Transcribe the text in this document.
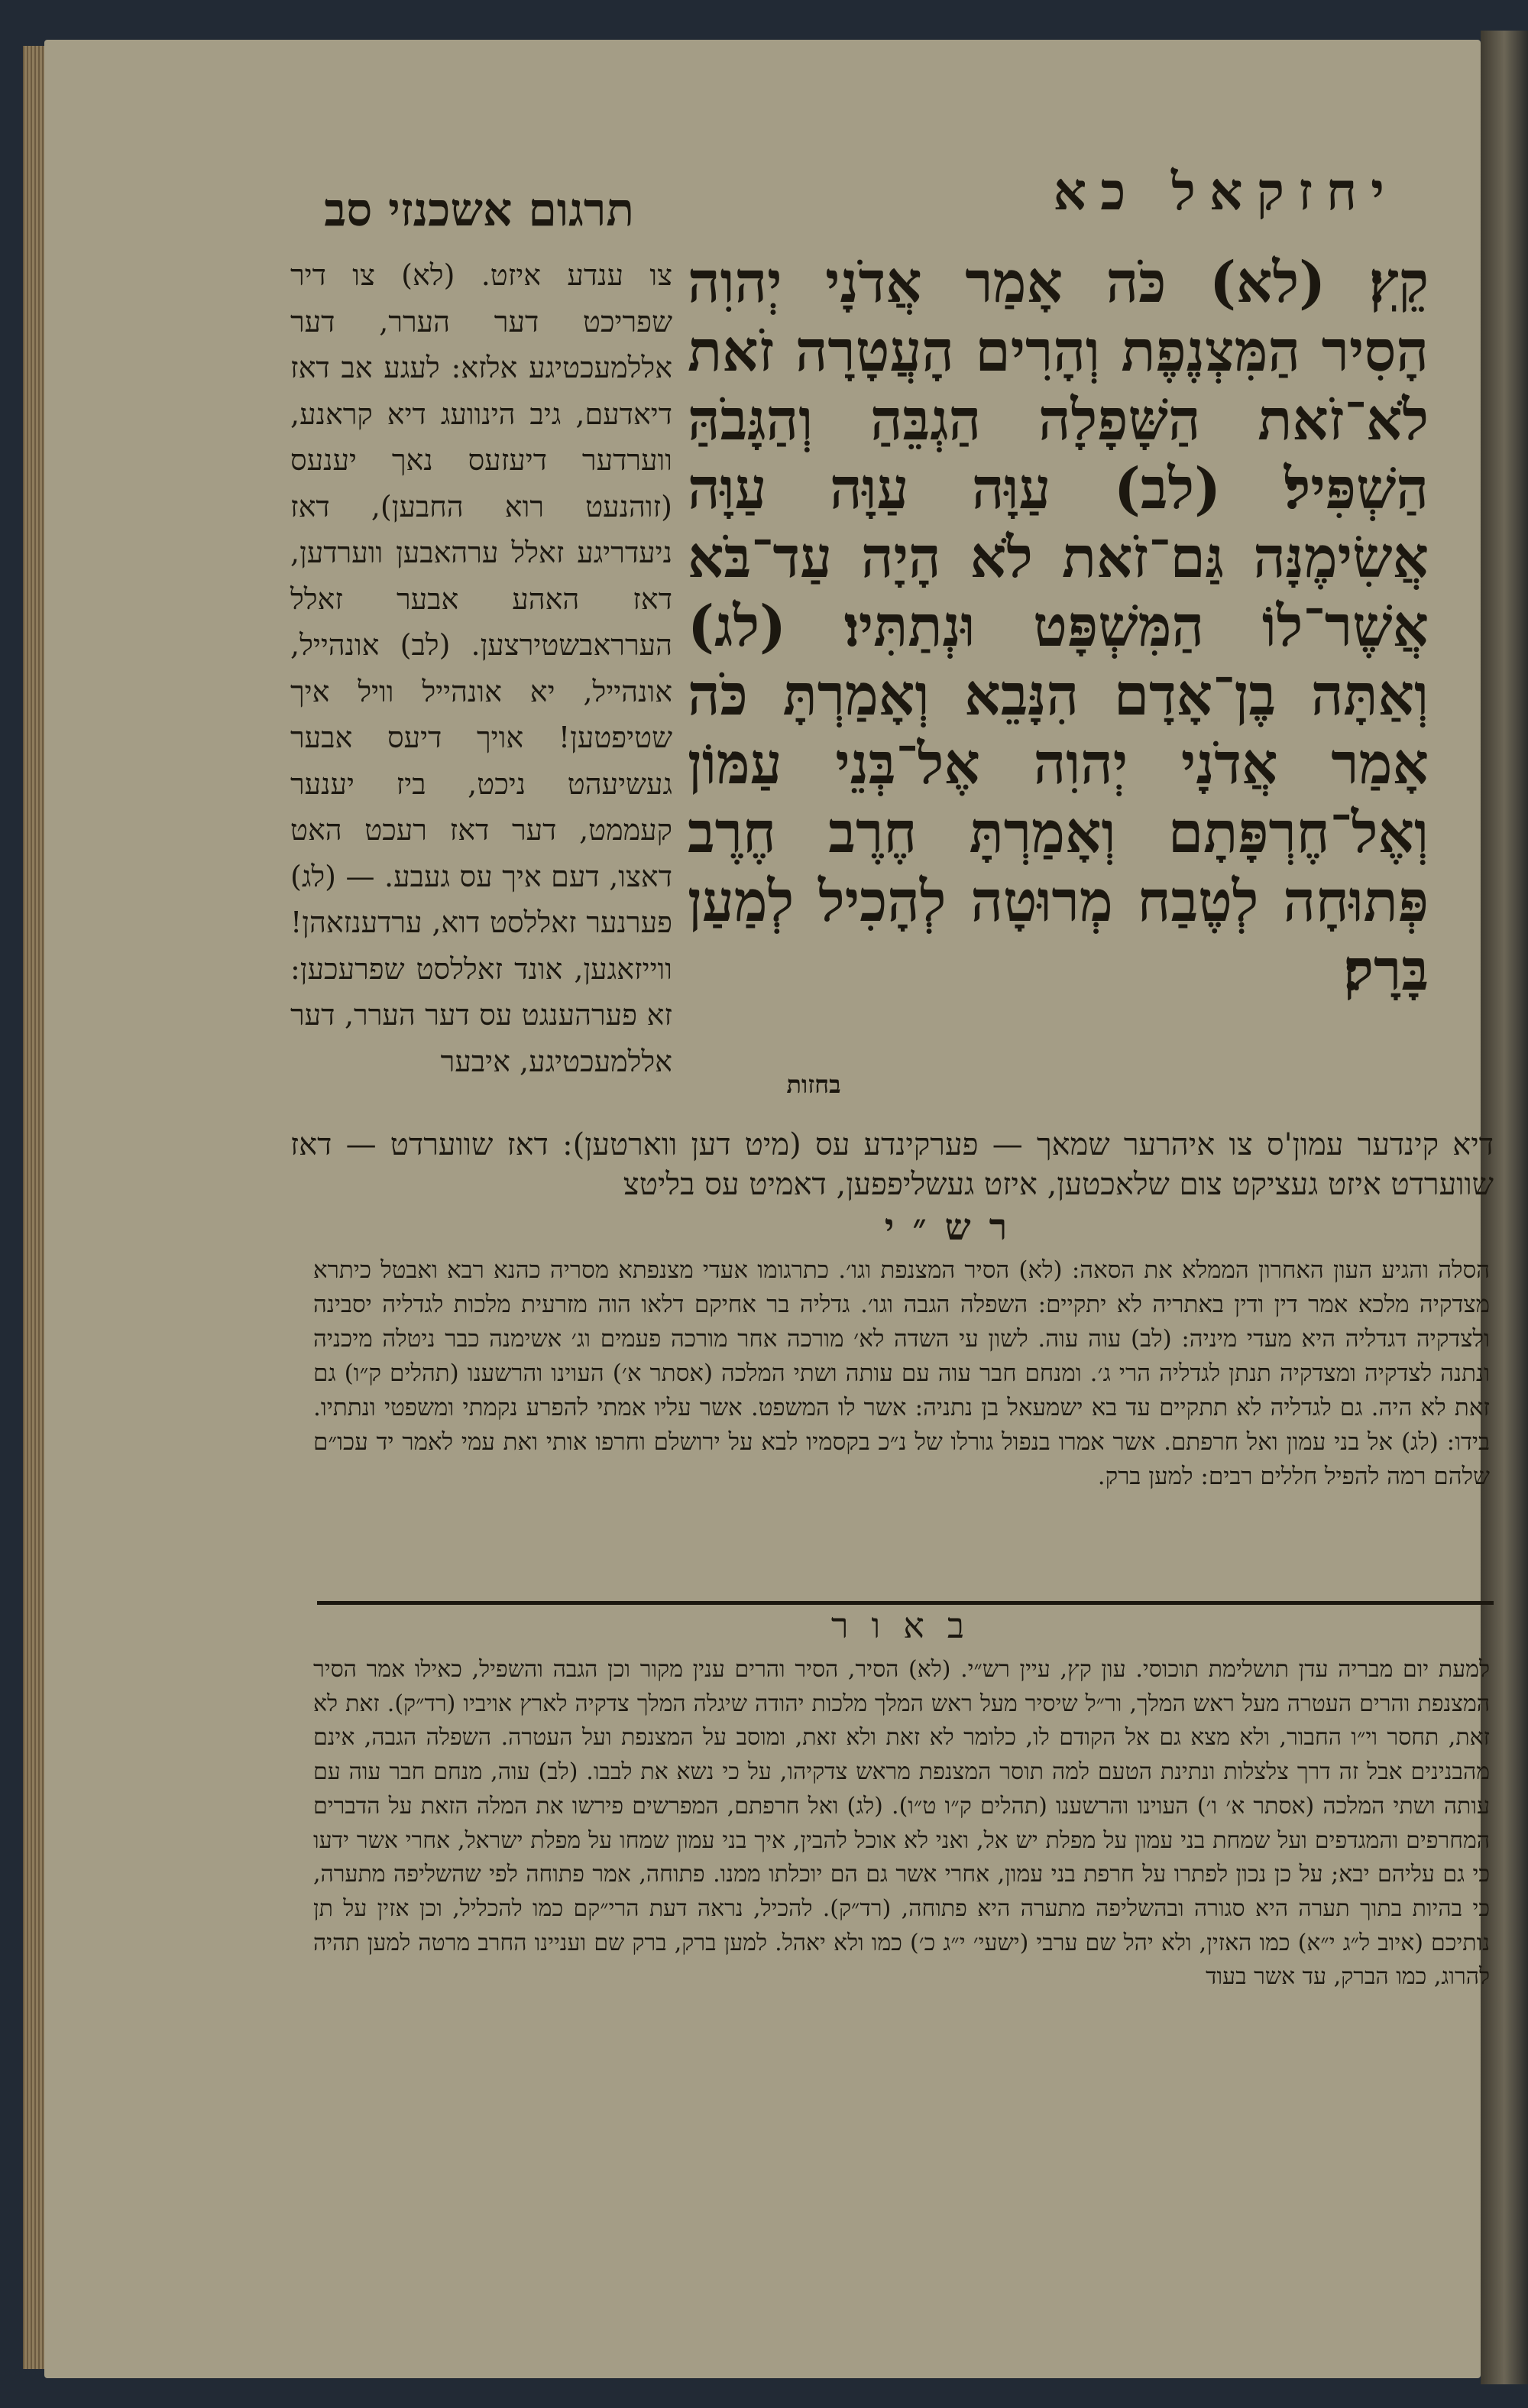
יחזקאל כא
תרגום אשכנזי סב
קֵֽץ׃ (לא) כֹּה אָמַר אֲדֹנָי יְהוִה הָסִיר הַמִּצְנֶפֶת וְהָרִים הָעֲטָרָה זֹאת לֹא־זֹאת הַשָּׁפָלָה הַגְבֵּהַ וְהַגָּבֹהַּ הַשְׁפִּיל׃ (לב) עַוָּה עַוָּה עַוָּה אֲשִׂימֶנָּה גַּם־זֹאת לֹא הָיָה עַד־בֹּא אֲשֶׁר־לוֹ הַמִּשְׁפָּט וּנְתַתִּיו׃ (לג) וְאַתָּה בֶן־אָדָם הִנָּבֵא וְאָמַרְתָּ כֹּה אָמַר אֲדֹנָי יְהוִה אֶל־בְּנֵי עַמּוֹן וְאֶל־חֶרְפָּתָם וְאָמַרְתָּ חֶרֶב חֶרֶב פְּתוּחָה לְטֶבַח מְרוּטָה לְהָכִיל לְמַעַן בָּרָק׃
בחזות
צו ענדע איזט. (לא) צו דיר שפריכט דער הערר, דער אללמעכטיגע אלזא: לעגע אב דאז דיאדעם, גיב הינוועג דיא קראנע, ווערדער דיעזעס נאך יענעס (זוהנעט רוא החבען), דאז ניעדריגע זאלל ערהאבען ווערדען, דאז האהע אבער זאלל הערראבשטירצען. (לב) אונהייל, אונהייל, יא אונהייל וויל איך שטיפטען! אויך דיעס אבער געשיעהט ניכט, ביז יענער קעממט, דער דאז רעכט האט דאצו, דעם איך עס געבע. — (לג) פערנער זאללסט דוא, ערדענזאהן! ווייזאגען, אונד זאללסט שפרעכען: זא פערהענגט עס דער הערר, דער אללמעכטיגע, איבער
דיא קינדער עמון'ס צו איהרער שמאך — פערקינדע עס (מיט דען ווארטען): דאז שווערדט — דאז שווערדט איזט געציקט צום שלאכטען, איזט געשליפפען, דאמיט עס בליטצ
רש״י
הסלה והגיע העון האחרון הממלא את הסאה: (לא) הסיר המצנפת וגו׳. כתרגומו אעדי מצנפתא מסריה כהנא רבא ואבטל כיתרא מצדקיה מלכא אמר דין ודין באתריה לא יתקיים: השפלה הגבה וגו׳. גדליה בר אחיקם דלאו הוה מזרעית מלכות לגדליה יסבינה ולצדקיה דגדליה היא מעדי מיניה: (לב) עוה עוה. לשון עי השדה לא׳ מורכה אחר מורכה פעמים וג׳ אשימנה כבר ניטלה מיכניה ונתנה לצדקיה ומצדקיה תנתן לגדליה הרי ג׳. ומנחם חבר עוה עם עותה ושתי המלכה (אסתר א׳) העוינו והרשענו (תהלים ק״ו) גם זאת לא היה. גם לגדליה לא תתקיים עד בא ישמעאל בן נתניה: אשר לו המשפט. אשר עליו אמתי להפרע נקמתי ומשפטי ונתתיו. בידו: (לג) אל בני עמון ואל חרפתם. אשר אמרו בנפול גורלו של נ״כ בקסמיו לבא על ירושלם וחרפו אותי ואת עמי לאמר יד עכו״ם שלהם רמה להפיל חללים רבים: למען ברק.
באור
למעת יום מבריה עדן תושלימת תוכוסי. עון קץ, עיין רש״י. (לא) הסיר, הסיר והרים ענין מקור וכן הגבה והשפיל, כאילו אמר הסיר המצנפת והרים העטרה מעל ראש המלך, ור״ל שיסיר מעל ראש המלך מלכות יהודה שיגלה המלך צדקיה לארץ אויביו (רד״ק). זאת לא זאת, תחסר וי״ו החבור, ולא מצא גם אל הקודם לו, כלומר לא זאת ולא זאת, ומוסב על המצנפת ועל העטרה. השפלה הגבה, אינם מהבנינים אבל זה דרך צלצלות ונתינת הטעם למה תוסר המצנפת מראש צדקיהו, על כי נשא את לבבו. (לב) עוה, מנחם חבר עוה עם עותה ושתי המלכה (אסתר א׳ ו׳) העוינו והרשענו (תהלים ק״ו ט״ו). (לג) ואל חרפתם, המפרשים פירשו את המלה הזאת על הדברים המחרפים והמגדפים ועל שמחת בני עמון על מפלת יש אל, ואני לא אוכל להבין, איך בני עמון שמחו על מפלת ישראל, אחרי אשר ידעו כי גם עליהם יבא; על כן נכון לפתרו על חרפת בני עמון, אחרי אשר גם הם יוכלתו ממנו. פתוחה, אמר פתוחה לפי שהשליפה מתערה, כי בהיות בתוך תערה היא סגורה ובהשליפה מתערה היא פתוחה, (רד״ק). להכיל, נראה דעת הרי״קם כמו להכליל, וכן אזין על תן נותיכם (איוב ל״ג י״א) כמו האזין, ולא יהל שם ערבי (ישעי׳ י״ג כ׳) כמו ולא יאהל. למען ברק, ברק שם ועניינו החרב מרטה למען תהיה להרוג, כמו הברק, עד אשר בעוד
